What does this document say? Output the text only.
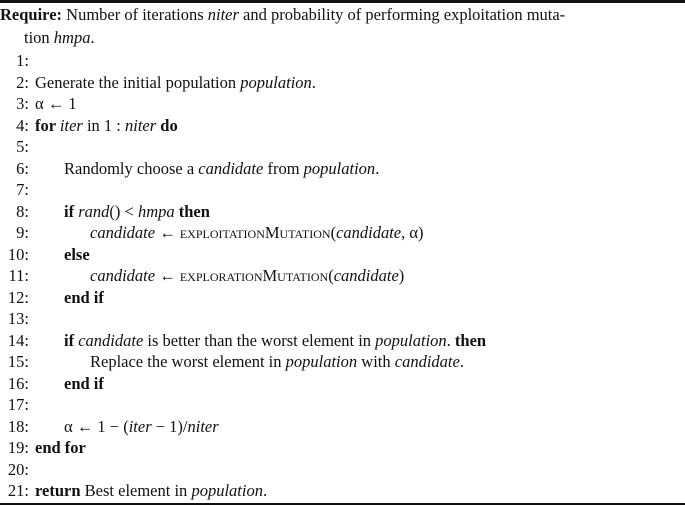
Require: Number of iterations niter and probability of performing exploitation muta-
tion hmpa.
1:
2: Generate the initial population population.
3: α ← 1
4: for iter in 1 : niter do
5:
6: Randomly choose a candidate from population.
7:
8: if rand() < hmpa then
9:	candidate ← exploitationMutation(candidate, α)
10: else
11:	candidate ← explorationMutation(candidate)
12: end if
13:
14: if candidate is better than the worst element in population. then
15:	Replace the worst element in population with candidate.
16: end if
17:
18: α ← 1 − (iter − 1)/niter
19: end for
20:
21: return Best element in population.
